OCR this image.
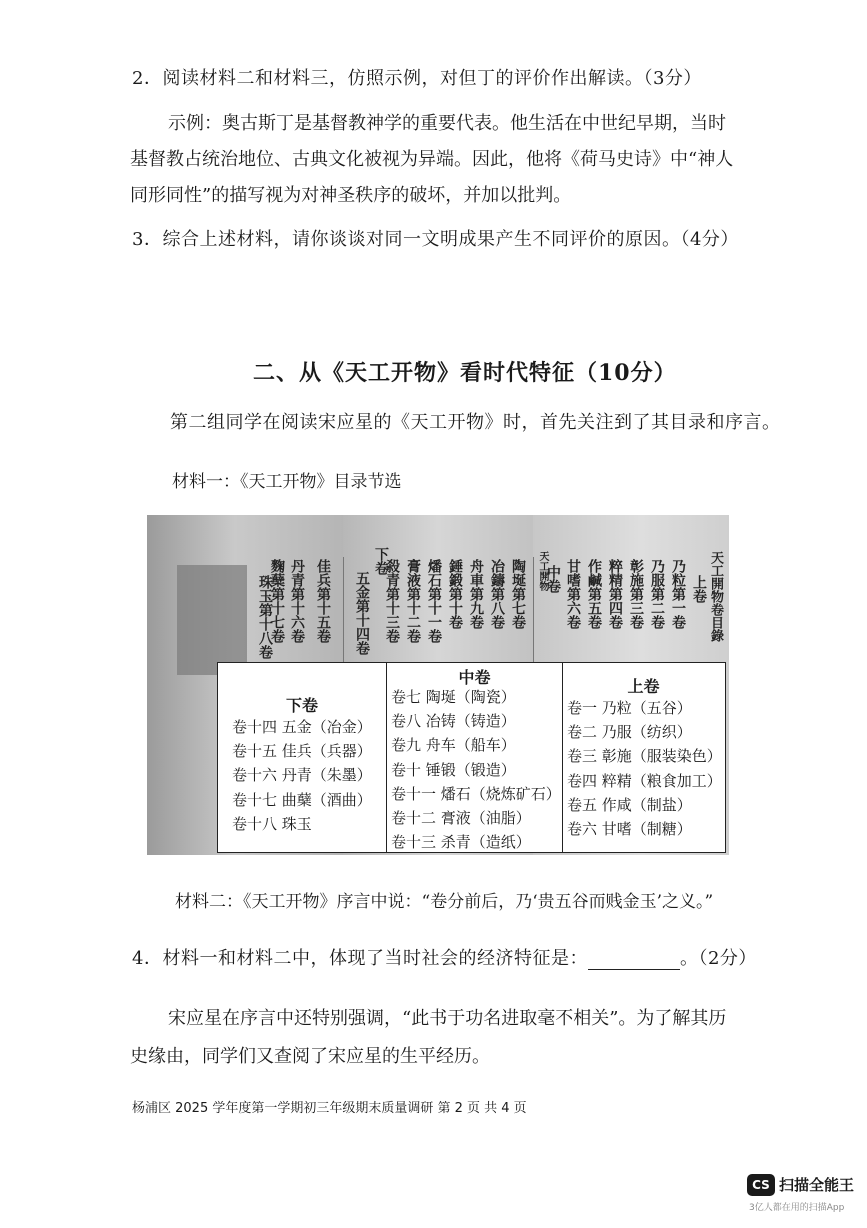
2．阅读材料二和材料三，仿照示例，对但丁的评价作出解读。（3分）
示例：奥古斯丁是基督教神学的重要代表。他生活在中世纪早期，当时基督教占统治地位、古典文化被视为异端。因此，他将《荷马史诗》中“神人同形同性”的描写视为对神圣秩序的破坏，并加以批判。
3．综合上述材料，请你谈谈对同一文明成果产生不同评价的原因。（4分）
二、从《天工开物》看时代特征（10分）
第二组同学在阅读宋应星的《天工开物》时，首先关注到了其目录和序言。
材料一：《天工开物》目录节选
天工開物卷目錄
上卷
乃粒第一卷
乃服第二卷
彰施第三卷
粹精第四卷
作鹹第五卷
甘嗜第六卷
中卷
天工開物
陶埏第七卷
冶鑄第八卷
舟車第九卷
錘鍛第十卷
燔石第十一卷
膏液第十二卷
殺青第十三卷
下卷
五金第十四卷
佳兵第十五卷
丹青第十六卷
麴蘖第十七卷
珠玉第十八卷
下卷
卷十四 五金（冶金）
卷十五 佳兵（兵器）
卷十六 丹青（朱墨）
卷十七 曲蘖（酒曲）
卷十八 珠玉
中卷
卷七 陶埏（陶瓷）
卷八 冶铸（铸造）
卷九 舟车（船车）
卷十 锤锻（锻造）
卷十一 燔石（烧炼矿石）
卷十二 膏液（油脂）
卷十三 杀青（造纸）
上卷
卷一 乃粒（五谷）
卷二 乃服（纺织）
卷三 彰施（服装染色）
卷四 粹精（粮食加工）
卷五 作咸（制盐）
卷六 甘嗜（制糖）
材料二：《天工开物》序言中说：“卷分前后，乃‘贵五谷而贱金玉’之义。”
4．材料一和材料二中，体现了当时社会的经济特征是：	。（2分）
宋应星在序言中还特别强调，“此书于功名进取毫不相关”。为了解其历史缘由，同学们又查阅了宋应星的生平经历。
杨浦区 2025 学年度第一学期初三年级期末质量调研 第 2 页 共 4 页
CS 扫描全能王
3亿人都在用的扫描App
